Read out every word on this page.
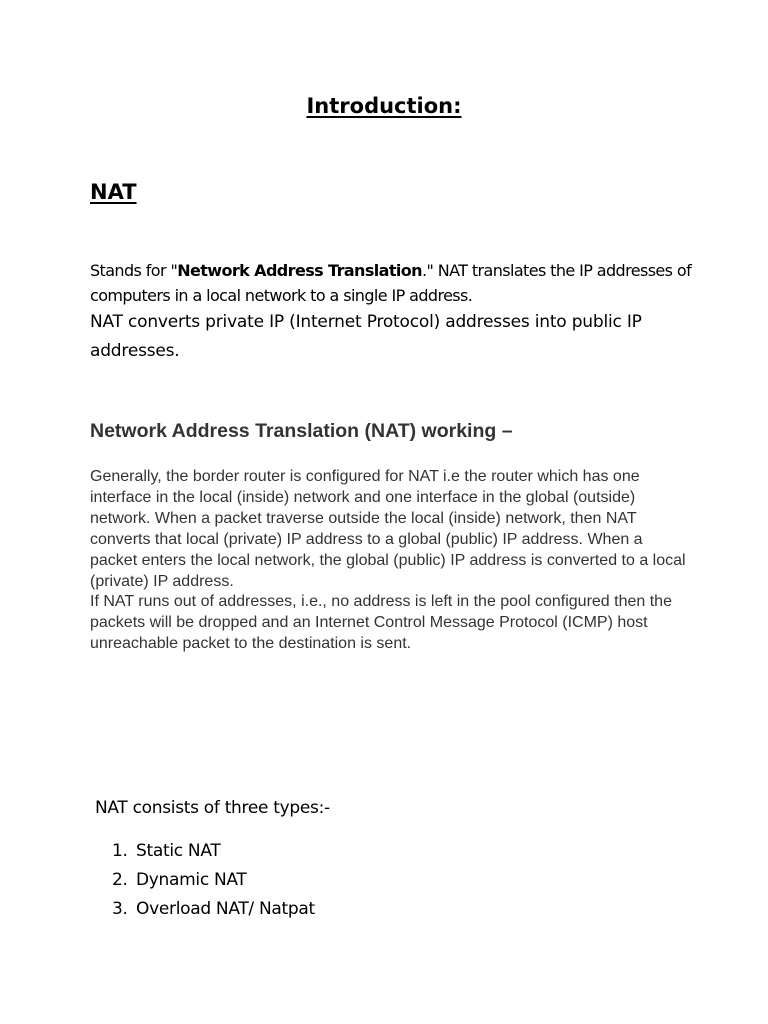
Introduction:
NAT

Stands for "Network Address Translation." NAT translates the IP addresses of computers in a local network to a single IP address.

NAT converts private IP (Internet Protocol) addresses into public IP addresses.

Network Address Translation (NAT) working –
Generally, the border router is configured for NAT i.e the router which has one interface in the local (inside) network and one interface in the global (outside) network. When a packet traverse outside the local (inside) network, then NAT converts that local (private) IP address to a global (public) IP address. When a packet enters the local network, the global (public) IP address is converted to a local (private) IP address.
If NAT runs out of addresses, i.e., no address is left in the pool configured then the packets will be dropped and an Internet Control Message Protocol (ICMP) host unreachable packet to the destination is sent.

NAT consists of three types:-

1. Static NAT
2. Dynamic NAT
3. Overload NAT/ Natpat
